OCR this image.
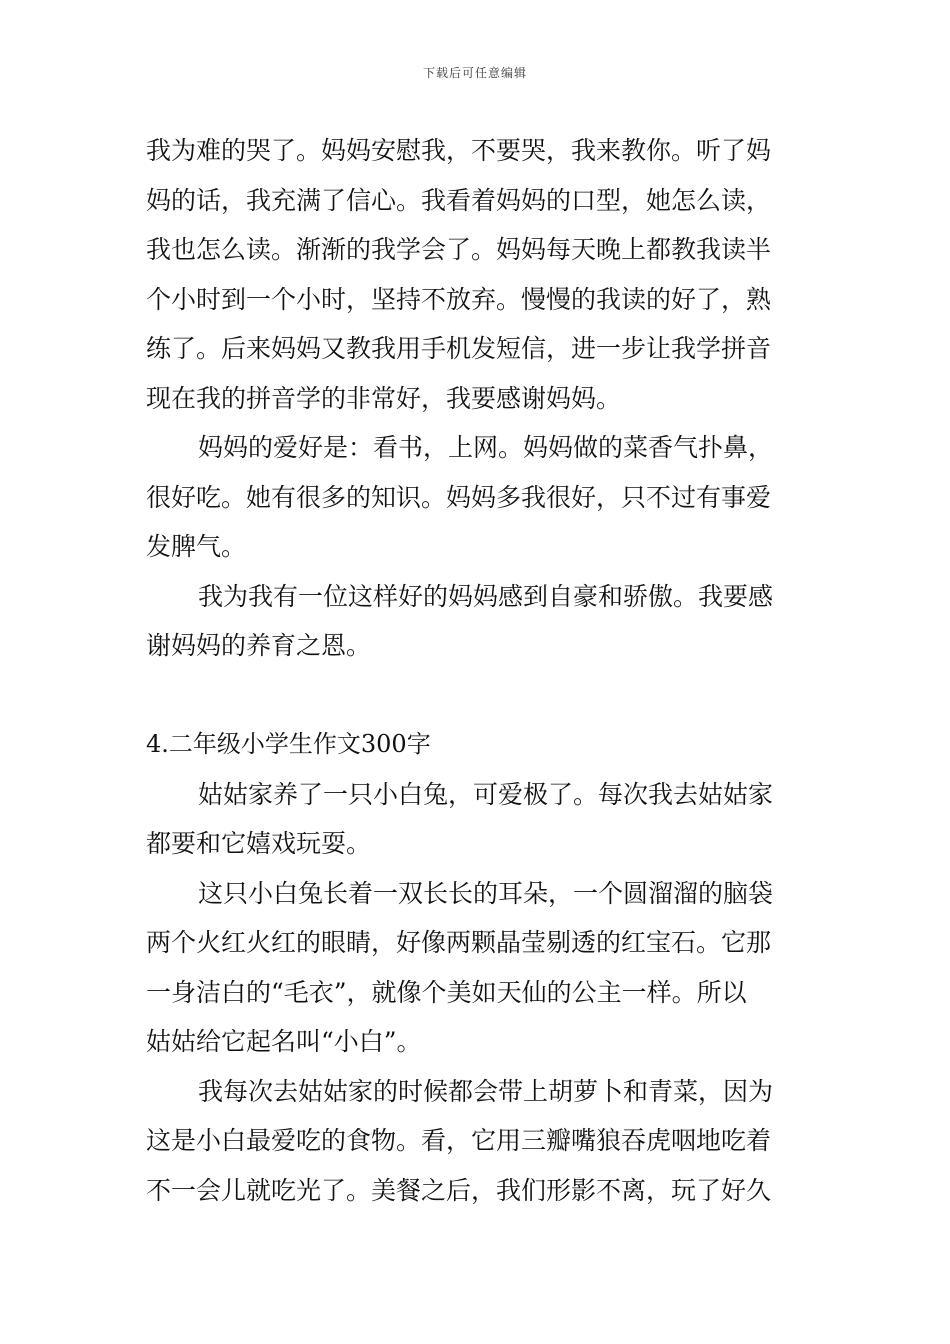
下载后可任意编辑
我为难的哭了。妈妈安慰我，不要哭，我来教你。听了妈
妈的话，我充满了信心。我看着妈妈的口型，她怎么读，
我也怎么读。渐渐的我学会了。妈妈每天晚上都教我读半
个小时到一个小时，坚持不放弃。慢慢的我读的好了，熟
练了。后来妈妈又教我用手机发短信，进一步让我学拼音
现在我的拼音学的非常好，我要感谢妈妈。
妈妈的爱好是：看书，上网。妈妈做的菜香气扑鼻，
很好吃。她有很多的知识。妈妈多我很好，只不过有事爱
发脾气。
我为我有一位这样好的妈妈感到自豪和骄傲。我要感
谢妈妈的养育之恩。
4.二年级小学生作文300字
姑姑家养了一只小白兔，可爱极了。每次我去姑姑家
都要和它嬉戏玩耍。
这只小白兔长着一双长长的耳朵，一个圆溜溜的脑袋
两个火红火红的眼睛，好像两颗晶莹剔透的红宝石。它那
一身洁白的“毛衣”，就像个美如天仙的公主一样。所以
姑姑给它起名叫“小白”。
我每次去姑姑家的时候都会带上胡萝卜和青菜，因为
这是小白最爱吃的食物。看，它用三瓣嘴狼吞虎咽地吃着
不一会儿就吃光了。美餐之后，我们形影不离，玩了好久
